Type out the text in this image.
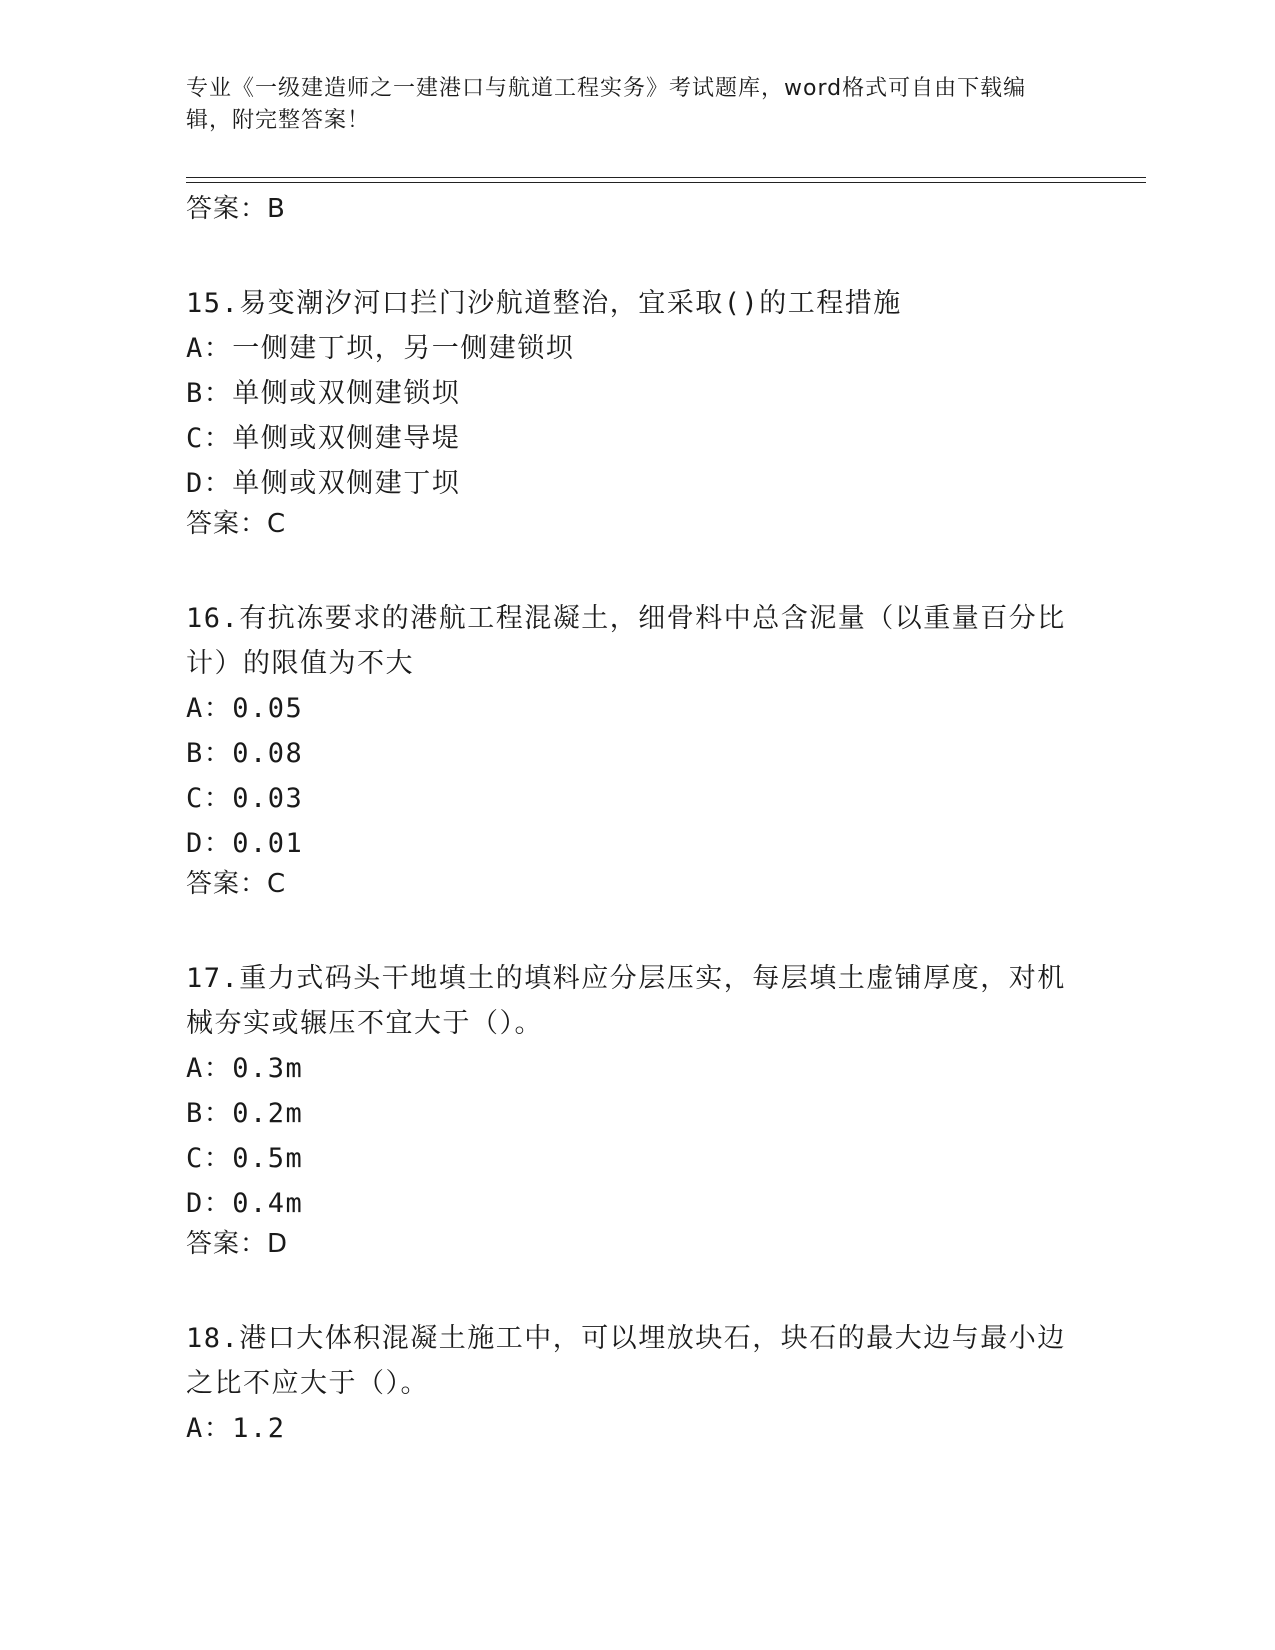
专业《一级建造师之一建港口与航道工程实务》考试题库，word格式可自由下载编辑，附完整答案！
答案：B
15.易变潮汐河口拦门沙航道整治，宜采取()的工程措施
A：一侧建丁坝，另一侧建锁坝
B：单侧或双侧建锁坝
C：单侧或双侧建导堤
D：单侧或双侧建丁坝
答案：C
16.有抗冻要求的港航工程混凝土，细骨料中总含泥量（以重量百分比计）的限值为不大
A：0.05
B：0.08
C：0.03
D：0.01
答案：C
17.重力式码头干地填土的填料应分层压实，每层填土虚铺厚度，对机械夯实或辗压不宜大于（）。
A：0.3m
B：0.2m
C：0.5m
D：0.4m
答案：D
18.港口大体积混凝土施工中，可以埋放块石，块石的最大边与最小边之比不应大于（）。
A：1.2
